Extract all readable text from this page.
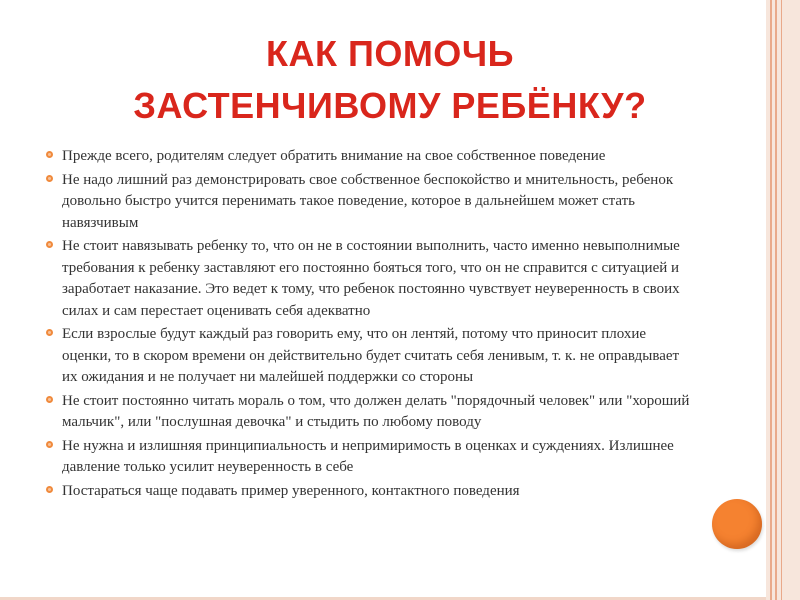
КАК ПОМОЧЬ
ЗАСТЕНЧИВОМУ РЕБЁНКУ?
Прежде всего, родителям следует обратить внимание на свое собственное поведение
Не надо лишний раз демонстрировать свое собственное беспокойство и мнительность, ребенок довольно быстро учится перенимать такое поведение, которое в дальнейшем может стать навязчивым
Не стоит навязывать ребенку то, что он не в состоянии выполнить, часто именно невыполнимые требования к ребенку заставляют его постоянно бояться того, что он не справится с ситуацией и заработает наказание. Это ведет к тому, что ребенок постоянно чувствует неуверенность в своих силах и сам перестает оценивать себя адекватно
Если взрослые будут каждый раз говорить ему, что он лентяй, потому что приносит плохие оценки, то в скором времени он действительно будет считать себя ленивым, т. к. не оправдывает их ожидания и не получает ни малейшей поддержки со стороны
Не стоит постоянно читать мораль о том, что должен делать "порядочный человек" или "хороший мальчик", или "послушная девочка" и стыдить по любому поводу
Не нужна и излишняя принципиальность и непримиримость в оценках и суждениях. Излишнее давление только усилит неуверенность в себе
Постараться чаще подавать пример уверенного, контактного поведения
